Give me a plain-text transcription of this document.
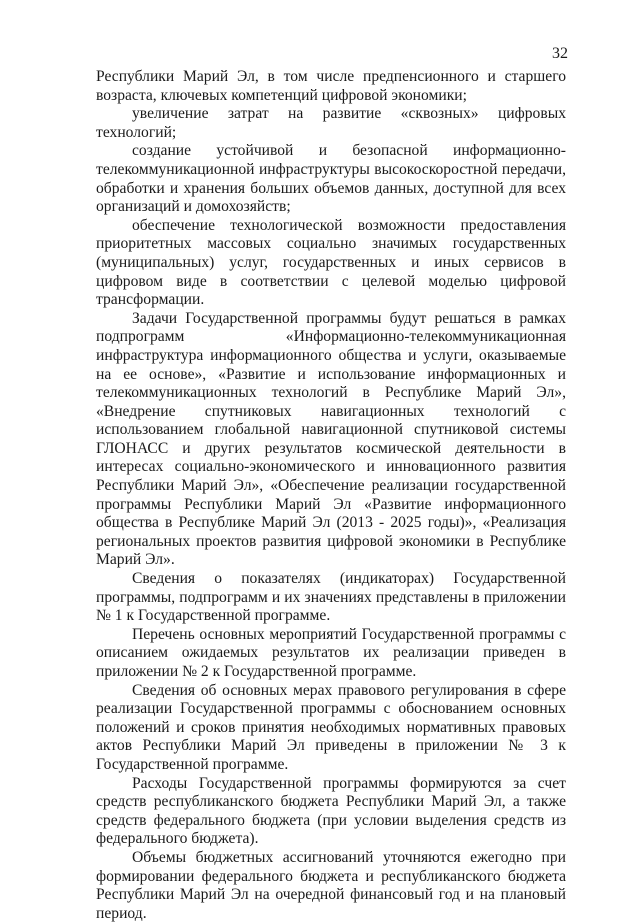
32

Республики Марий Эл, в том числе предпенсионного и старшего возраста, ключевых компетенций цифровой экономики;

увеличение затрат на развитие «сквозных» цифровых технологий;

создание устойчивой и безопасной информационно-телекоммуникационной инфраструктуры высокоскоростной передачи, обработки и хранения больших объемов данных, доступной для всех организаций и домохозяйств;

обеспечение технологической возможности предоставления приоритетных массовых социально значимых государственных (муниципальных) услуг, государственных и иных сервисов в цифровом виде в соответствии с целевой моделью цифровой трансформации.

Задачи Государственной программы будут решаться в рамках подпрограмм «Информационно-телекоммуникационная инфраструктура информационного общества и услуги, оказываемые на ее основе», «Развитие и использование информационных и телекоммуникационных технологий в Республике Марий Эл», «Внедрение спутниковых навигационных технологий с использованием глобальной навигационной спутниковой системы ГЛОНАСС и других результатов космической деятельности в интересах социально-экономического и инновационного развития Республики Марий Эл», «Обеспечение реализации государственной программы Республики Марий Эл «Развитие информационного общества в Республике Марий Эл (2013 - 2025 годы)», «Реализация региональных проектов развития цифровой экономики в Республике Марий Эл».

Сведения о показателях (индикаторах) Государственной программы, подпрограмм и их значениях представлены в приложении № 1 к Государственной программе.

Перечень основных мероприятий Государственной программы с описанием ожидаемых результатов их реализации приведен в приложении № 2 к Государственной программе.

Сведения об основных мерах правового регулирования в сфере реализации Государственной программы с обоснованием основных положений и сроков принятия необходимых нормативных правовых актов Республики Марий Эл приведены в приложении № 3 к Государственной программе.

Расходы Государственной программы формируются за счет средств республиканского бюджета Республики Марий Эл, а также средств федерального бюджета (при условии выделения средств из федерального бюджета).

Объемы бюджетных ассигнований уточняются ежегодно при формировании федерального бюджета и республиканского бюджета Республики Марий Эл на очередной финансовый год и на плановый период.
